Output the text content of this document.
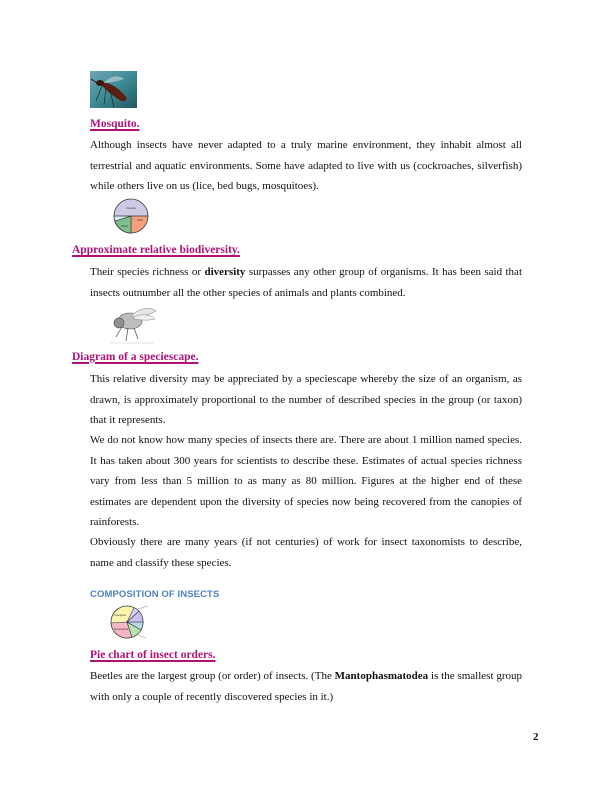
Mosquito.
Although insects have never adapted to a truly marine environment, they inhabit almost all terrestrial and aquatic environments. Some have adapted to live with us (cockroaches, silverfish) while others live on us (lice, bed bugs, mosquitoes).
Insects
Plants
Other
Approximate relative biodiversity.
Their species richness or diversity surpasses any other group of organisms. It has been said that insects outnumber all the other species of animals and plants combined.
Diagram of a speciescape.
This relative diversity may be appreciated by a speciescape whereby the size of an organism, as drawn, is approximately proportional to the number of described species in the group (or taxon) that it represents.
We do not know how many species of insects there are. There are about 1 million named species. It has taken about 300 years for scientists to describe these. Estimates of actual species richness vary from less than 5 million to as many as 80 million. Figures at the higher end of these estimates are dependent upon the diversity of species now being recovered from the canopies of rainforests.
Obviously there are many years (if not centuries) of work for insect taxonomists to describe, name and classify these species.
COMPOSITION OF INSECTS
Coleoptera
Hymenoptera
Pie chart of insect orders.
Beetles are the largest group (or order) of insects. (The Mantophasmatodea is the smallest group with only a couple of recently discovered species in it.)
2
